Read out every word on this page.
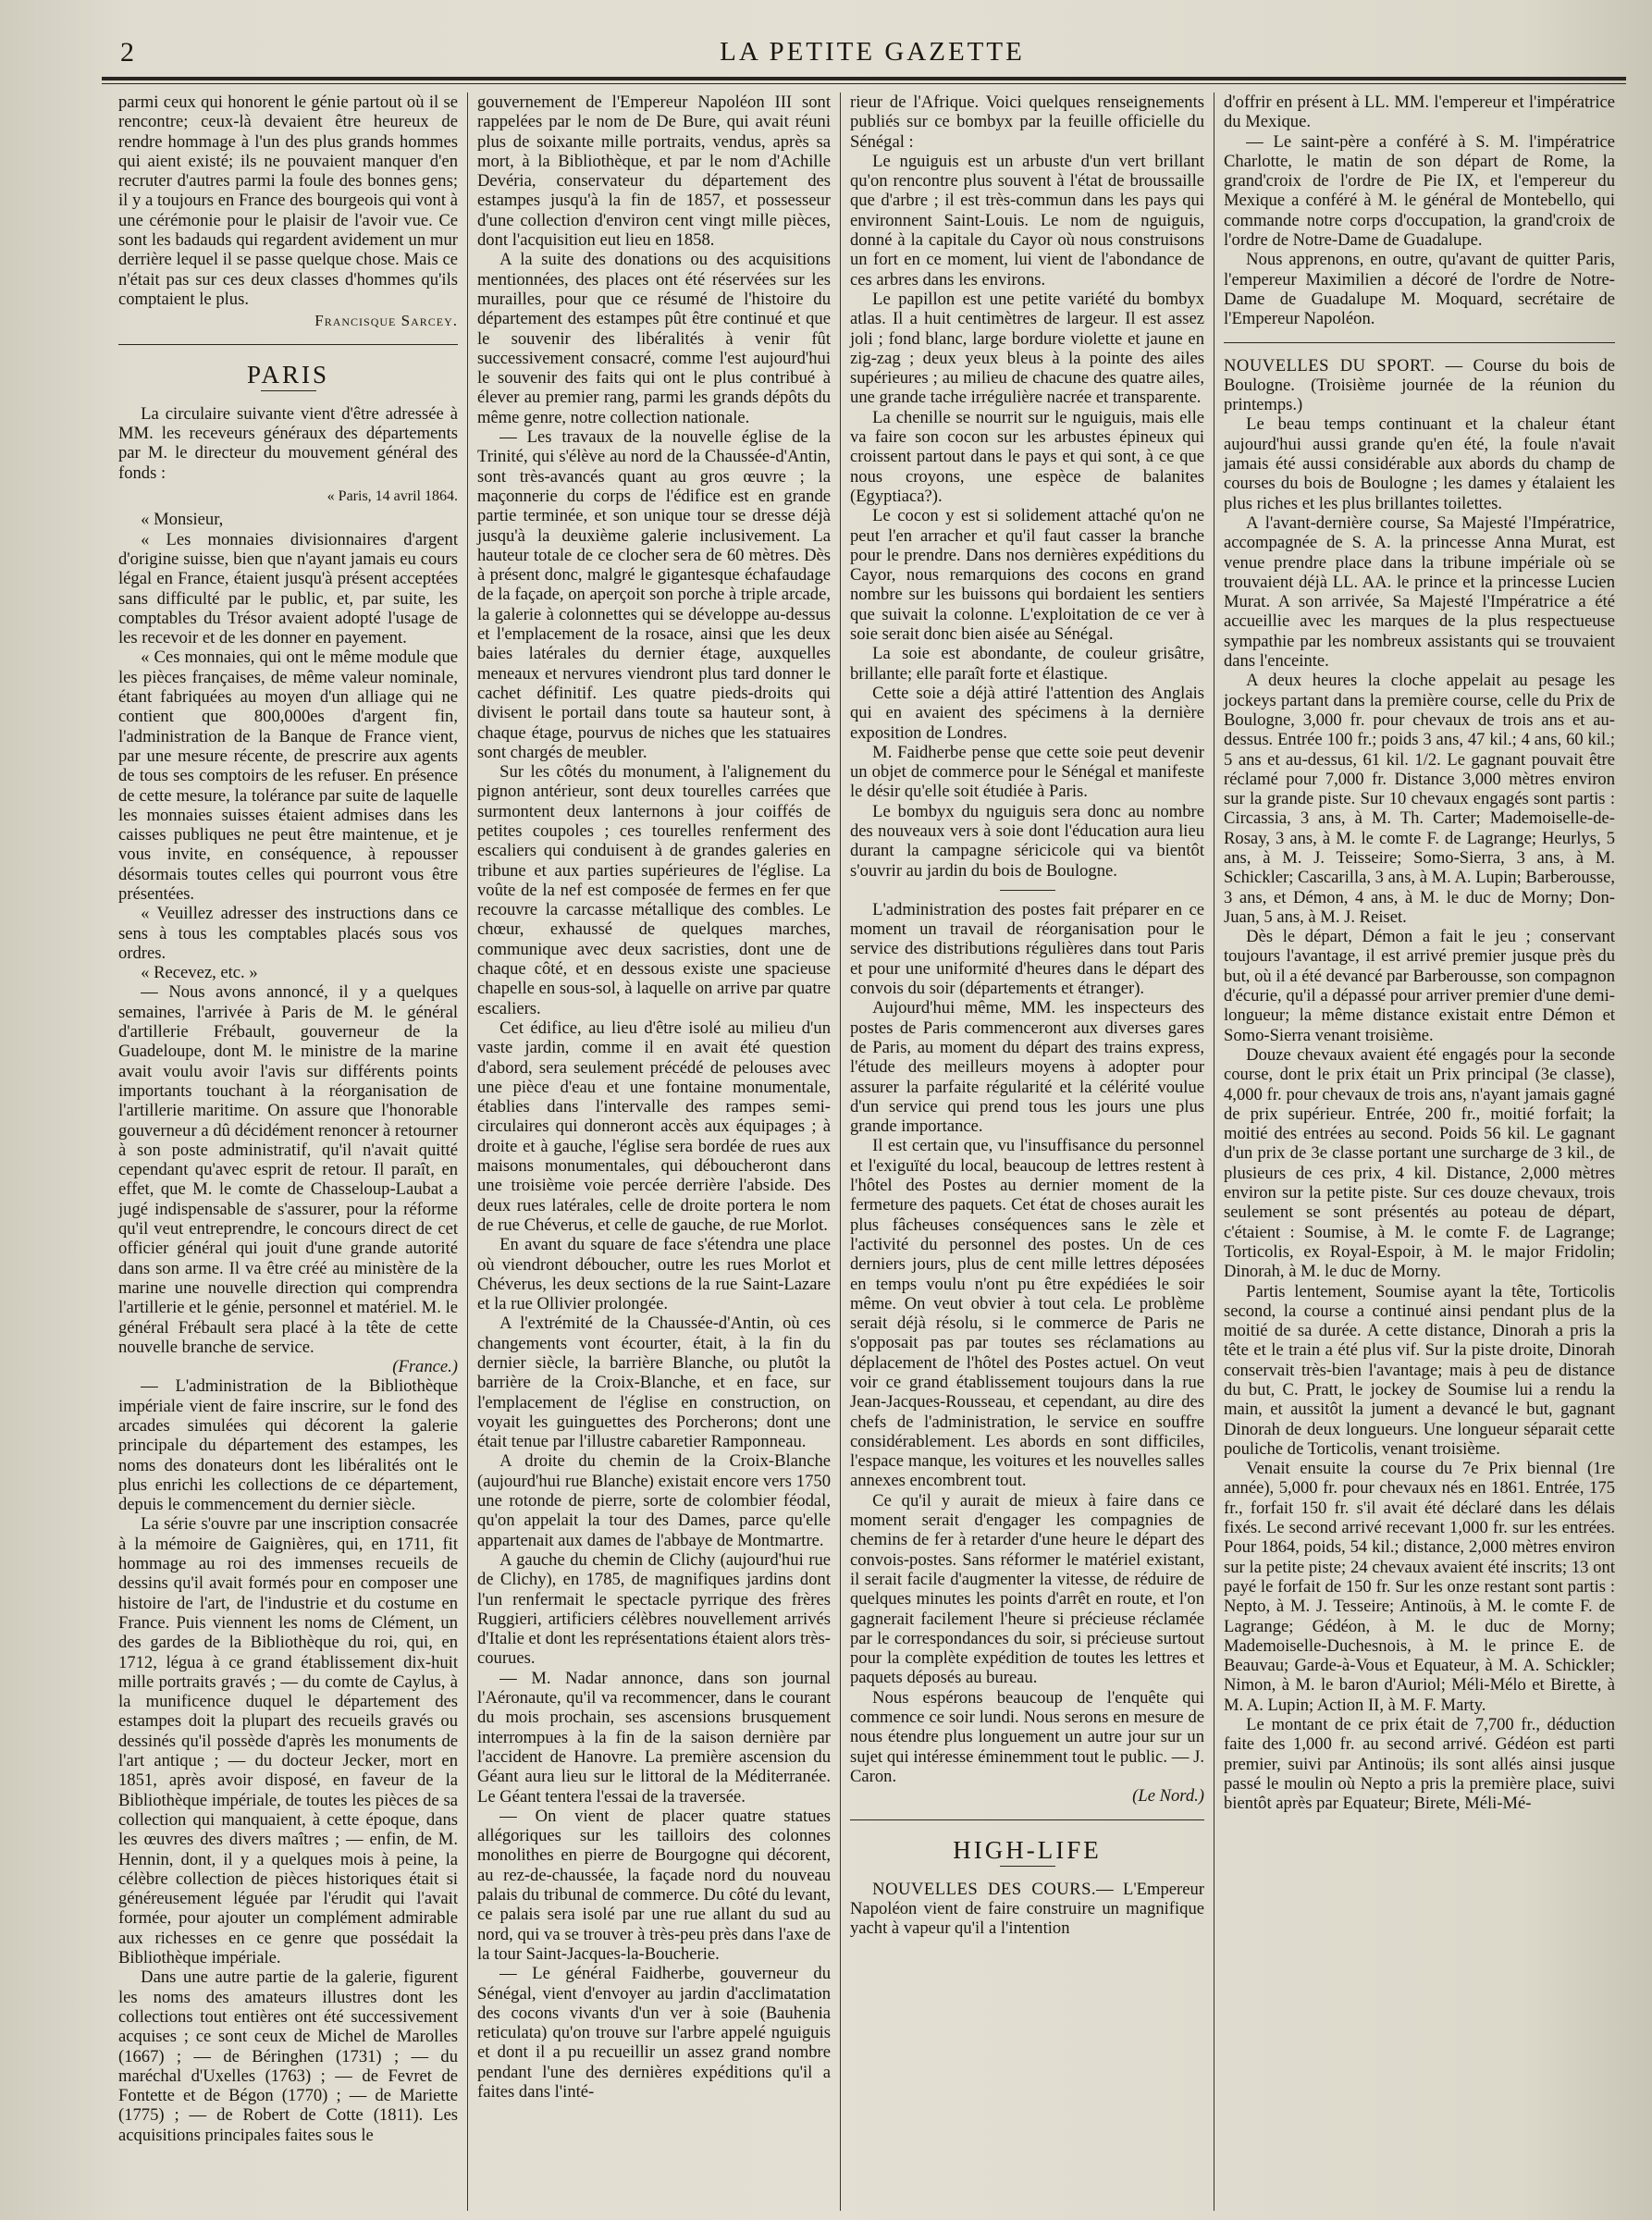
2	LA PETITE GAZETTE

parmi ceux qui honorent le génie partout où il se rencontre; ceux-là devaient être heureux de rendre hommage à l'un des plus grands hommes qui aient existé; ils ne pouvaient manquer d'en recruter d'autres parmi la foule des bonnes gens; il y a toujours en France des bourgeois qui vont à une cérémonie pour le plaisir de l'avoir vue. Ce sont les badauds qui regardent avidement un mur derrière lequel il se passe quelque chose. Mais ce n'était pas sur ces deux classes d'hommes qu'ils comptaient le plus.

Francisque Sarcey.

PARIS

La circulaire suivante vient d'être adressée à MM. les receveurs généraux des départements par M. le directeur du mouvement général des fonds :

« Paris, 14 avril 1864.

« Monsieur,

« Les monnaies divisionnaires d'argent d'origine suisse, bien que n'ayant jamais eu cours légal en France, étaient jusqu'à présent acceptées sans difficulté par le public, et, par suite, les comptables du Trésor avaient adopté l'usage de les recevoir et de les donner en payement.

« Ces monnaies, qui ont le même module que les pièces françaises, de même valeur nominale, étant fabriquées au moyen d'un alliage qui ne contient que 800,000es d'argent fin, l'administration de la Banque de France vient, par une mesure récente, de prescrire aux agents de tous ses comptoirs de les refuser. En présence de cette mesure, la tolérance par suite de laquelle les monnaies suisses étaient admises dans les caisses publiques ne peut être maintenue, et je vous invite, en conséquence, à repousser désormais toutes celles qui pourront vous être présentées.

« Veuillez adresser des instructions dans ce sens à tous les comptables placés sous vos ordres.

« Recevez, etc. »

— Nous avons annoncé, il y a quelques semaines, l'arrivée à Paris de M. le général d'artillerie Frébault, gouverneur de la Guadeloupe, dont M. le ministre de la marine avait voulu avoir l'avis sur différents points importants touchant à la réorganisation de l'artillerie maritime. On assure que l'honorable gouverneur a dû décidément renoncer à retourner à son poste administratif, qu'il n'avait quitté cependant qu'avec esprit de retour. Il paraît, en effet, que M. le comte de Chasseloup-Laubat a jugé indispensable de s'assurer, pour la réforme qu'il veut entreprendre, le concours direct de cet officier général qui jouit d'une grande autorité dans son arme. Il va être créé au ministère de la marine une nouvelle direction qui comprendra l'artillerie et le génie, personnel et matériel. M. le général Frébault sera placé à la tête de cette nouvelle branche de service.

(France.)

— L'administration de la Bibliothèque impériale vient de faire inscrire, sur le fond des arcades simulées qui décorent la galerie principale du département des estampes, les noms des donateurs dont les libéralités ont le plus enrichi les collections de ce département, depuis le commencement du dernier siècle.

La série s'ouvre par une inscription consacrée à la mémoire de Gaignières, qui, en 1711, fit hommage au roi des immenses recueils de dessins qu'il avait formés pour en composer une histoire de l'art, de l'industrie et du costume en France. Puis viennent les noms de Clément, un des gardes de la Bibliothèque du roi, qui, en 1712, légua à ce grand établissement dix-huit mille portraits gravés ; — du comte de Caylus, à la munificence duquel le département des estampes doit la plupart des recueils gravés ou dessinés qu'il possède d'après les monuments de l'art antique ; — du docteur Jecker, mort en 1851, après avoir disposé, en faveur de la Bibliothèque impériale, de toutes les pièces de sa collection qui manquaient, à cette époque, dans les œuvres des divers maîtres ; — enfin, de M. Hennin, dont, il y a quelques mois à peine, la célèbre collection de pièces historiques était si généreusement léguée par l'érudit qui l'avait formée, pour ajouter un complément admirable aux richesses en ce genre que possédait la Bibliothèque impériale.

Dans une autre partie de la galerie, figurent les noms des amateurs illustres dont les collections tout entières ont été successivement acquises ; ce sont ceux de Michel de Marolles (1667) ; — de Béringhen (1731) ; — du maréchal d'Uxelles (1763) ; — de Fevret de Fontette et de Bégon (1770) ; — de Mariette (1775) ; — de Robert de Cotte (1811). Les acquisitions principales faites sous le

gouvernement de l'Empereur Napoléon III sont rappelées par le nom de De Bure, qui avait réuni plus de soixante mille portraits, vendus, après sa mort, à la Bibliothèque, et par le nom d'Achille Devéria, conservateur du département des estampes jusqu'à la fin de 1857, et possesseur d'une collection d'environ cent vingt mille pièces, dont l'acquisition eut lieu en 1858.

A la suite des donations ou des acquisitions mentionnées, des places ont été réservées sur les murailles, pour que ce résumé de l'histoire du département des estampes pût être continué et que le souvenir des libéralités à venir fût successivement consacré, comme l'est aujourd'hui le souvenir des faits qui ont le plus contribué à élever au premier rang, parmi les grands dépôts du même genre, notre collection nationale.

— Les travaux de la nouvelle église de la Trinité, qui s'élève au nord de la Chaussée-d'Antin, sont très-avancés quant au gros œuvre ; la maçonnerie du corps de l'édifice est en grande partie terminée, et son unique tour se dresse déjà jusqu'à la deuxième galerie inclusivement. La hauteur totale de ce clocher sera de 60 mètres. Dès à présent donc, malgré le gigantesque échafaudage de la façade, on aperçoit son porche à triple arcade, la galerie à colonnettes qui se développe au-dessus et l'emplacement de la rosace, ainsi que les deux baies latérales du dernier étage, auxquelles meneaux et nervures viendront plus tard donner le cachet définitif. Les quatre pieds-droits qui divisent le portail dans toute sa hauteur sont, à chaque étage, pourvus de niches que les statuaires sont chargés de meubler.

Sur les côtés du monument, à l'alignement du pignon antérieur, sont deux tourelles carrées que surmontent deux lanternons à jour coiffés de petites coupoles ; ces tourelles renferment des escaliers qui conduisent à de grandes galeries en tribune et aux parties supérieures de l'église. La voûte de la nef est composée de fermes en fer que recouvre la carcasse métallique des combles. Le chœur, exhaussé de quelques marches, communique avec deux sacristies, dont une de chaque côté, et en dessous existe une spacieuse chapelle en sous-sol, à laquelle on arrive par quatre escaliers.

Cet édifice, au lieu d'être isolé au milieu d'un vaste jardin, comme il en avait été question d'abord, sera seulement précédé de pelouses avec une pièce d'eau et une fontaine monumentale, établies dans l'intervalle des rampes semi-circulaires qui donneront accès aux équipages ; à droite et à gauche, l'église sera bordée de rues aux maisons monumentales, qui déboucheront dans une troisième voie percée derrière l'abside. Des deux rues latérales, celle de droite portera le nom de rue Chéverus, et celle de gauche, de rue Morlot.

En avant du square de face s'étendra une place où viendront déboucher, outre les rues Morlot et Chéverus, les deux sections de la rue Saint-Lazare et la rue Ollivier prolongée.

A l'extrémité de la Chaussée-d'Antin, où ces changements vont écourter, était, à la fin du dernier siècle, la barrière Blanche, ou plutôt la barrière de la Croix-Blanche, et en face, sur l'emplacement de l'église en construction, on voyait les guinguettes des Porcherons; dont une était tenue par l'illustre cabaretier Ramponneau.

A droite du chemin de la Croix-Blanche (aujourd'hui rue Blanche) existait encore vers 1750 une rotonde de pierre, sorte de colombier féodal, qu'on appelait la tour des Dames, parce qu'elle appartenait aux dames de l'abbaye de Montmartre.

A gauche du chemin de Clichy (aujourd'hui rue de Clichy), en 1785, de magnifiques jardins dont l'un renfermait le spectacle pyrrique des frères Ruggieri, artificiers célèbres nouvellement arrivés d'Italie et dont les représentations étaient alors très-courues.

— M. Nadar annonce, dans son journal l'Aéronaute, qu'il va recommencer, dans le courant du mois prochain, ses ascensions brusquement interrompues à la fin de la saison dernière par l'accident de Hanovre. La première ascension du Géant aura lieu sur le littoral de la Méditerranée. Le Géant tentera l'essai de la traversée.

— On vient de placer quatre statues allégoriques sur les tailloirs des colonnes monolithes en pierre de Bourgogne qui décorent, au rez-de-chaussée, la façade nord du nouveau palais du tribunal de commerce. Du côté du levant, ce palais sera isolé par une rue allant du sud au nord, qui va se trouver à très-peu près dans l'axe de la tour Saint-Jacques-la-Boucherie.

— Le général Faidherbe, gouverneur du Sénégal, vient d'envoyer au jardin d'acclimatation des cocons vivants d'un ver à soie (Bauhenia reticulata) qu'on trouve sur l'arbre appelé nguiguis et dont il a pu recueillir un assez grand nombre pendant l'une des dernières expéditions qu'il a faites dans l'inté-

rieur de l'Afrique. Voici quelques renseignements publiés sur ce bombyx par la feuille officielle du Sénégal :

Le nguiguis est un arbuste d'un vert brillant qu'on rencontre plus souvent à l'état de broussaille que d'arbre ; il est très-commun dans les pays qui environnent Saint-Louis. Le nom de nguiguis, donné à la capitale du Cayor où nous construisons un fort en ce moment, lui vient de l'abondance de ces arbres dans les environs.

Le papillon est une petite variété du bombyx atlas. Il a huit centimètres de largeur. Il est assez joli ; fond blanc, large bordure violette et jaune en zig-zag ; deux yeux bleus à la pointe des ailes supérieures ; au milieu de chacune des quatre ailes, une grande tache irrégulière nacrée et transparente.

La chenille se nourrit sur le nguiguis, mais elle va faire son cocon sur les arbustes épineux qui croissent partout dans le pays et qui sont, à ce que nous croyons, une espèce de balanites (Egyptiaca?).

Le cocon y est si solidement attaché qu'on ne peut l'en arracher et qu'il faut casser la branche pour le prendre. Dans nos dernières expéditions du Cayor, nous remarquions des cocons en grand nombre sur les buissons qui bordaient les sentiers que suivait la colonne. L'exploitation de ce ver à soie serait donc bien aisée au Sénégal.

La soie est abondante, de couleur grisâtre, brillante; elle paraît forte et élastique.

Cette soie a déjà attiré l'attention des Anglais qui en avaient des spécimens à la dernière exposition de Londres.

M. Faidherbe pense que cette soie peut devenir un objet de commerce pour le Sénégal et manifeste le désir qu'elle soit étudiée à Paris.

Le bombyx du nguiguis sera donc au nombre des nouveaux vers à soie dont l'éducation aura lieu durant la campagne séricicole qui va bientôt s'ouvrir au jardin du bois de Boulogne.

L'administration des postes fait préparer en ce moment un travail de réorganisation pour le service des distributions régulières dans tout Paris et pour une uniformité d'heures dans le départ des convois du soir (départements et étranger).

Aujourd'hui même, MM. les inspecteurs des postes de Paris commenceront aux diverses gares de Paris, au moment du départ des trains express, l'étude des meilleurs moyens à adopter pour assurer la parfaite régularité et la célérité voulue d'un service qui prend tous les jours une plus grande importance.

Il est certain que, vu l'insuffisance du personnel et l'exiguïté du local, beaucoup de lettres restent à l'hôtel des Postes au dernier moment de la fermeture des paquets. Cet état de choses aurait les plus fâcheuses conséquences sans le zèle et l'activité du personnel des postes. Un de ces derniers jours, plus de cent mille lettres déposées en temps voulu n'ont pu être expédiées le soir même. On veut obvier à tout cela. Le problème serait déjà résolu, si le commerce de Paris ne s'opposait pas par toutes ses réclamations au déplacement de l'hôtel des Postes actuel. On veut voir ce grand établissement toujours dans la rue Jean-Jacques-Rousseau, et cependant, au dire des chefs de l'administration, le service en souffre considérablement. Les abords en sont difficiles, l'espace manque, les voitures et les nouvelles salles annexes encombrent tout.

Ce qu'il y aurait de mieux à faire dans ce moment serait d'engager les compagnies de chemins de fer à retarder d'une heure le départ des convois-postes. Sans réformer le matériel existant, il serait facile d'augmenter la vitesse, de réduire de quelques minutes les points d'arrêt en route, et l'on gagnerait facilement l'heure si précieuse réclamée par le correspondances du soir, si précieuse surtout pour la complète expédition de toutes les lettres et paquets déposés au bureau.

Nous espérons beaucoup de l'enquête qui commence ce soir lundi. Nous serons en mesure de nous étendre plus longuement un autre jour sur un sujet qui intéresse éminemment tout le public. — J. Caron.

(Le Nord.)

HIGH-LIFE

NOUVELLES DES COURS.— L'Empereur Napoléon vient de faire construire un magnifique yacht à vapeur qu'il a l'intention

d'offrir en présent à LL. MM. l'empereur et l'impératrice du Mexique.

— Le saint-père a conféré à S. M. l'impératrice Charlotte, le matin de son départ de Rome, la grand'croix de l'ordre de Pie IX, et l'empereur du Mexique a conféré à M. le général de Montebello, qui commande notre corps d'occupation, la grand'croix de l'ordre de Notre-Dame de Guadalupe.

Nous apprenons, en outre, qu'avant de quitter Paris, l'empereur Maximilien a décoré de l'ordre de Notre-Dame de Guadalupe M. Moquard, secrétaire de l'Empereur Napoléon.

NOUVELLES DU SPORT. — Course du bois de Boulogne. (Troisième journée de la réunion du printemps.)

Le beau temps continuant et la chaleur étant aujourd'hui aussi grande qu'en été, la foule n'avait jamais été aussi considérable aux abords du champ de courses du bois de Boulogne ; les dames y étalaient les plus riches et les plus brillantes toilettes.

A l'avant-dernière course, Sa Majesté l'Impératrice, accompagnée de S. A. la princesse Anna Murat, est venue prendre place dans la tribune impériale où se trouvaient déjà LL. AA. le prince et la princesse Lucien Murat. A son arrivée, Sa Majesté l'Impératrice a été accueillie avec les marques de la plus respectueuse sympathie par les nombreux assistants qui se trouvaient dans l'enceinte.

A deux heures la cloche appelait au pesage les jockeys partant dans la première course, celle du Prix de Boulogne, 3,000 fr. pour chevaux de trois ans et au-dessus. Entrée 100 fr.; poids 3 ans, 47 kil.; 4 ans, 60 kil.; 5 ans et au-dessus, 61 kil. 1/2. Le gagnant pouvait être réclamé pour 7,000 fr. Distance 3,000 mètres environ sur la grande piste. Sur 10 chevaux engagés sont partis : Circassia, 3 ans, à M. Th. Carter; Mademoiselle-de-Rosay, 3 ans, à M. le comte F. de Lagrange; Heurlys, 5 ans, à M. J. Teisseire; Somo-Sierra, 3 ans, à M. Schickler; Cascarilla, 3 ans, à M. A. Lupin; Barberousse, 3 ans, et Démon, 4 ans, à M. le duc de Morny; Don-Juan, 5 ans, à M. J. Reiset.

Dès le départ, Démon a fait le jeu ; conservant toujours l'avantage, il est arrivé premier jusque près du but, où il a été devancé par Barberousse, son compagnon d'écurie, qu'il a dépassé pour arriver premier d'une demi-longueur; la même distance existait entre Démon et Somo-Sierra venant troisième.

Douze chevaux avaient été engagés pour la seconde course, dont le prix était un Prix principal (3e classe), 4,000 fr. pour chevaux de trois ans, n'ayant jamais gagné de prix supérieur. Entrée, 200 fr., moitié forfait; la moitié des entrées au second. Poids 56 kil. Le gagnant d'un prix de 3e classe portant une surcharge de 3 kil., de plusieurs de ces prix, 4 kil. Distance, 2,000 mètres environ sur la petite piste. Sur ces douze chevaux, trois seulement se sont présentés au poteau de départ, c'étaient : Soumise, à M. le comte F. de Lagrange; Torticolis, ex Royal-Espoir, à M. le major Fridolin; Dinorah, à M. le duc de Morny.

Partis lentement, Soumise ayant la tête, Torticolis second, la course a continué ainsi pendant plus de la moitié de sa durée. A cette distance, Dinorah a pris la tête et le train a été plus vif. Sur la piste droite, Dinorah conservait très-bien l'avantage; mais à peu de distance du but, C. Pratt, le jockey de Soumise lui a rendu la main, et aussitôt la jument a devancé le but, gagnant Dinorah de deux longueurs. Une longueur séparait cette pouliche de Torticolis, venant troisième.

Venait ensuite la course du 7e Prix biennal (1re année), 5,000 fr. pour chevaux nés en 1861. Entrée, 175 fr., forfait 150 fr. s'il avait été déclaré dans les délais fixés. Le second arrivé recevant 1,000 fr. sur les entrées. Pour 1864, poids, 54 kil.; distance, 2,000 mètres environ sur la petite piste; 24 chevaux avaient été inscrits; 13 ont payé le forfait de 150 fr. Sur les onze restant sont partis : Nepto, à M. J. Tesseire; Antinoüs, à M. le comte F. de Lagrange; Gédéon, à M. le duc de Morny; Mademoiselle-Duchesnois, à M. le prince E. de Beauvau; Garde-à-Vous et Equateur, à M. A. Schickler; Nimon, à M. le baron d'Auriol; Méli-Mélo et Birette, à M. A. Lupin; Action II, à M. F. Marty.

Le montant de ce prix était de 7,700 fr., déduction faite des 1,000 fr. au second arrivé. Gédéon est parti premier, suivi par Antinoüs; ils sont allés ainsi jusque passé le moulin où Nepto a pris la première place, suivi bientôt après par Equateur; Birete, Méli-Mé-
